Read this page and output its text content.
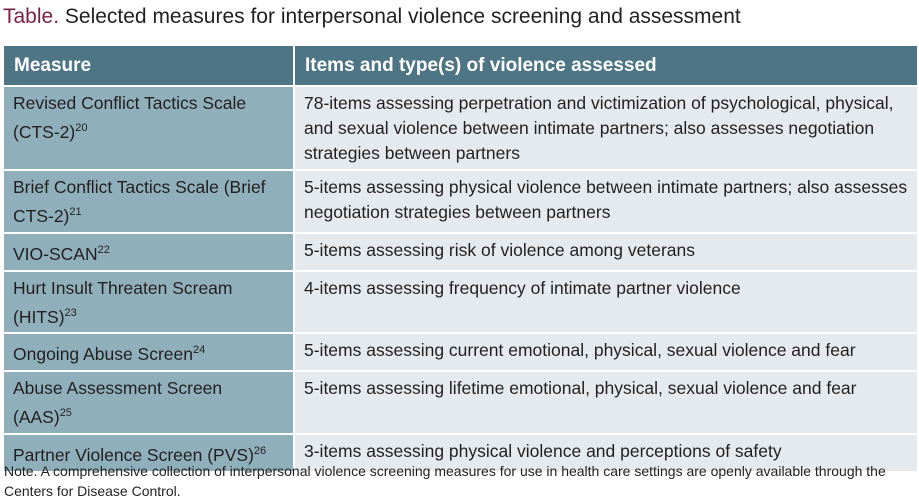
Table. Selected measures for interpersonal violence screening and assessment
Measure	Items and type(s) of violence assessed
Revised Conflict Tactics Scale $(CTS-2)^{20}$	78-items assessing perpetration and victimization of psychological, physical, and sexual violence between intimate partners; also assesses negotiation strategies between partners
Brief Conflict Tactics Scale (Brief CTS-2)$^{21}$	5-items assessing physical violence between intimate partners; also assesses negotiation strategies between partners
VIO-SCAN$^{22}$	5-items assessing risk of violence among veterans
Hurt Insult Threaten Scream (HITS)$^{23}$	4-items assessing frequency of intimate partner violence
Ongoing Abuse Screen$^{24}$	5-items assessing current emotional, physical, sexual violence and fear
Abuse Assessment Screen (AAS)$^{25}$	5-items assessing lifetime emotional, physical, sexual violence and fear
Partner Violence Screen (PVS)$^{26}$	3-items assessing physical violence and perceptions of safety
Note. A comprehensive collection of interpersonal violence screening measures for use in health care settings are openly available through the Centers for Disease Control.
